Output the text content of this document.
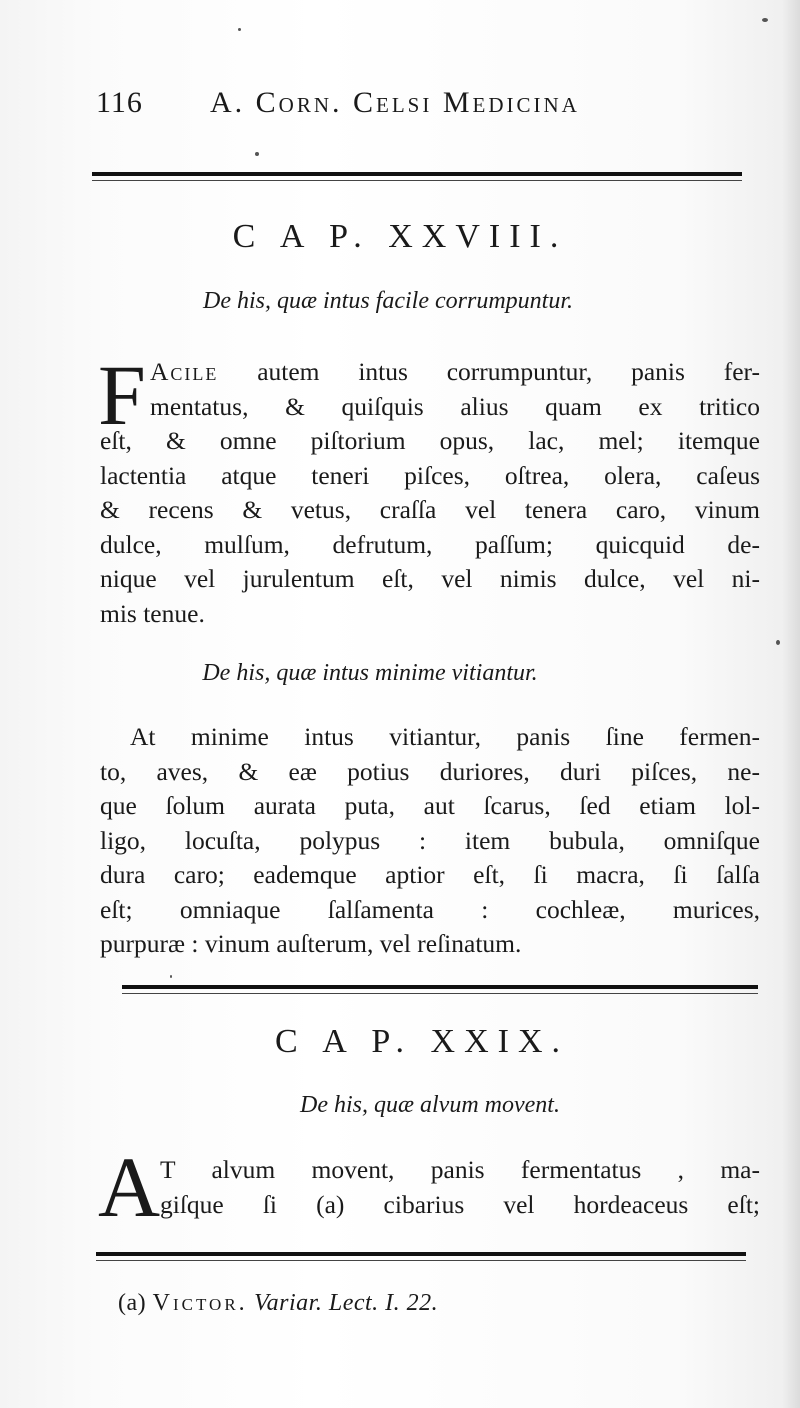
116 A. Corn. Celsi Medicina
C A P. XXVIII.
De his, quæ intus facile corrumpuntur.
F Acile autem intus corrumpuntur, panis fer-
mentatus, & quiſquis alius quam ex tritico
eſt, & omne piſtorium opus, lac, mel; itemque
lactentia atque teneri piſces, oſtrea, olera, caſeus
& recens & vetus, craſſa vel tenera caro, vinum
dulce, mulſum, defrutum, paſſum; quicquid de-
nique vel jurulentum eſt, vel nimis dulce, vel ni-
mis tenue.
De his, quæ intus minime vitiantur.
At minime intus vitiantur, panis ſine fermen-
to, aves, & eæ potius duriores, duri piſces, ne-
que ſolum aurata puta, aut ſcarus, ſed etiam lol-
ligo, locuſta, polypus : item bubula, omniſque
dura caro; eademque aptior eſt, ſi macra, ſi ſalſa
eſt; omniaque ſalſamenta : cochleæ, murices,
purpuræ : vinum auſterum, vel reſinatum.
C A P. XXIX.
De his, quæ alvum movent.
A T alvum movent, panis fermentatus , ma-
giſque ſi (a) cibarius vel hordeaceus eſt;
(a) Victor. Variar. Lect. I. 22.
